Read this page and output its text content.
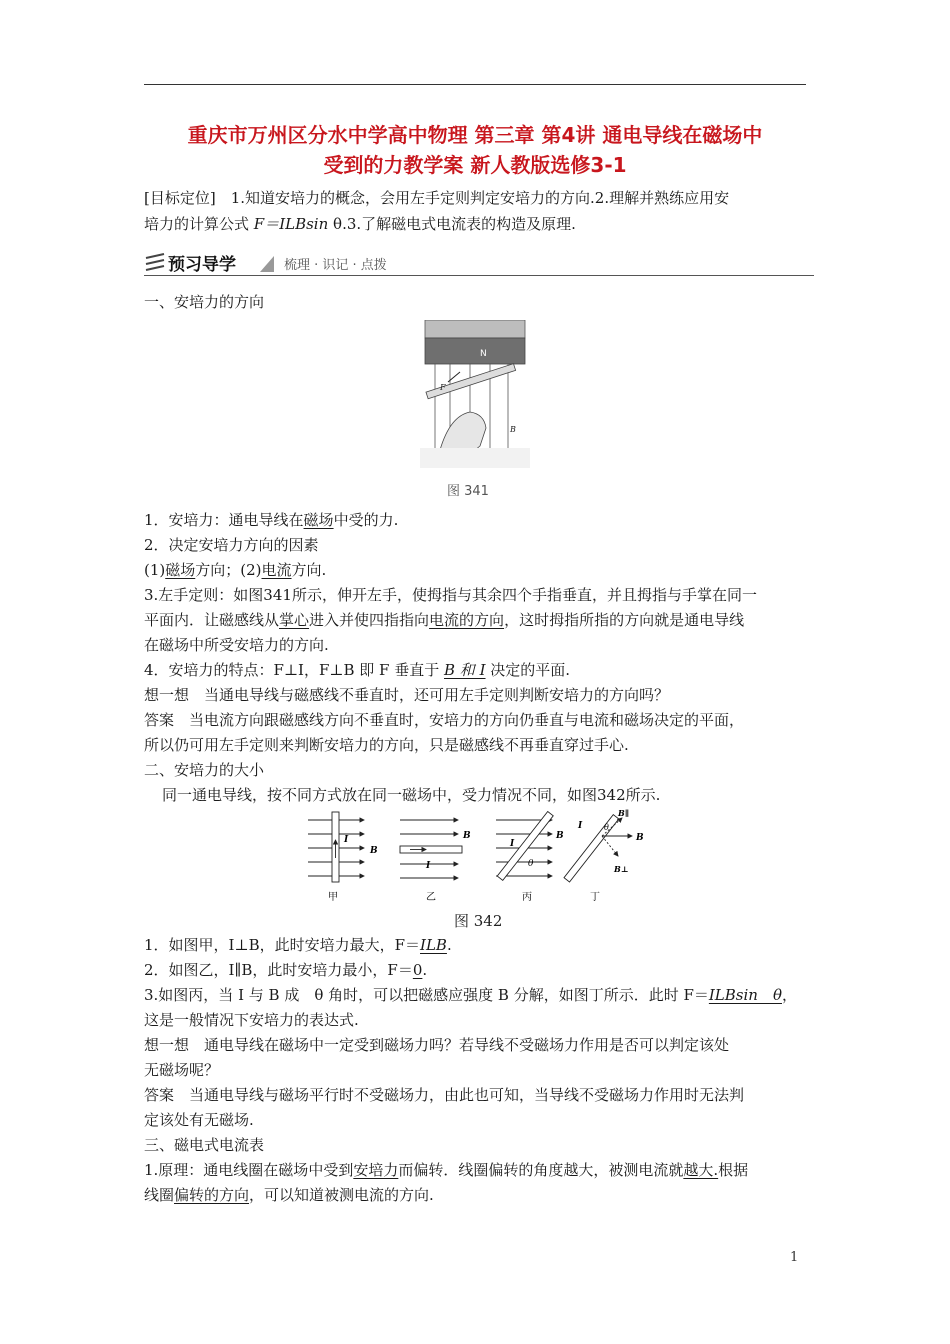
重庆市万州区分水中学高中物理 第三章 第4讲 通电导线在磁场中
受到的力教学案 新人教版选修3-1
[目标定位]　1.知道安培力的概念，会用左手定则判定安培力的方向.2.理解并熟练应用安
培力的计算公式 F＝ILBsin θ.3.了解磁电式电流表的构造及原理.
预习导学	梳理 · 识记 · 点拨
一、安培力的方向
N
F
B
图 341
1．安培力：通电导线在磁场中受的力.
2．决定安培力方向的因素
(1)磁场方向；(2)电流方向.
3.左手定则：如图341所示，伸开左手，使拇指与其余四个手指垂直，并且拇指与手掌在同一
平面内．让磁感线从掌心进入并使四指指向电流的方向，这时拇指所指的方向就是通电导线
在磁场中所受安培力的方向.
4．安培力的特点：F⊥I，F⊥B 即 F 垂直于 B 和 I 决定的平面.
想一想　当通电导线与磁感线不垂直时，还可用左手定则判断安培力的方向吗？
答案　当电流方向跟磁感线方向不垂直时，安培力的方向仍垂直与电流和磁场决定的平面，
所以仍可用左手定则来判断安培力的方向，只是磁感线不再垂直穿过手心.
二、安培力的大小
同一通电导线，按不同方式放在同一磁场中，受力情况不同，如图342所示.
I
B
甲
B
I
乙
I
θ
B
丙
I	θ
B
B∥
B⊥
丁
图 342
1．如图甲，I⊥B，此时安培力最大，F＝ILB.
2．如图乙，I∥B，此时安培力最小，F＝0.
3.如图丙，当 I 与 B 成　θ 角时，可以把磁感应强度 B 分解，如图丁所示．此时 F＝ILBsin　θ，
这是一般情况下安培力的表达式.
想一想　通电导线在磁场中一定受到磁场力吗？若导线不受磁场力作用是否可以判定该处
无磁场呢？
答案　当通电导线与磁场平行时不受磁场力，由此也可知，当导线不受磁场力作用时无法判
定该处有无磁场.
三、磁电式电流表
1.原理：通电线圈在磁场中受到安培力而偏转．线圈偏转的角度越大，被测电流就越大.根据
线圈偏转的方向，可以知道被测电流的方向.
1
